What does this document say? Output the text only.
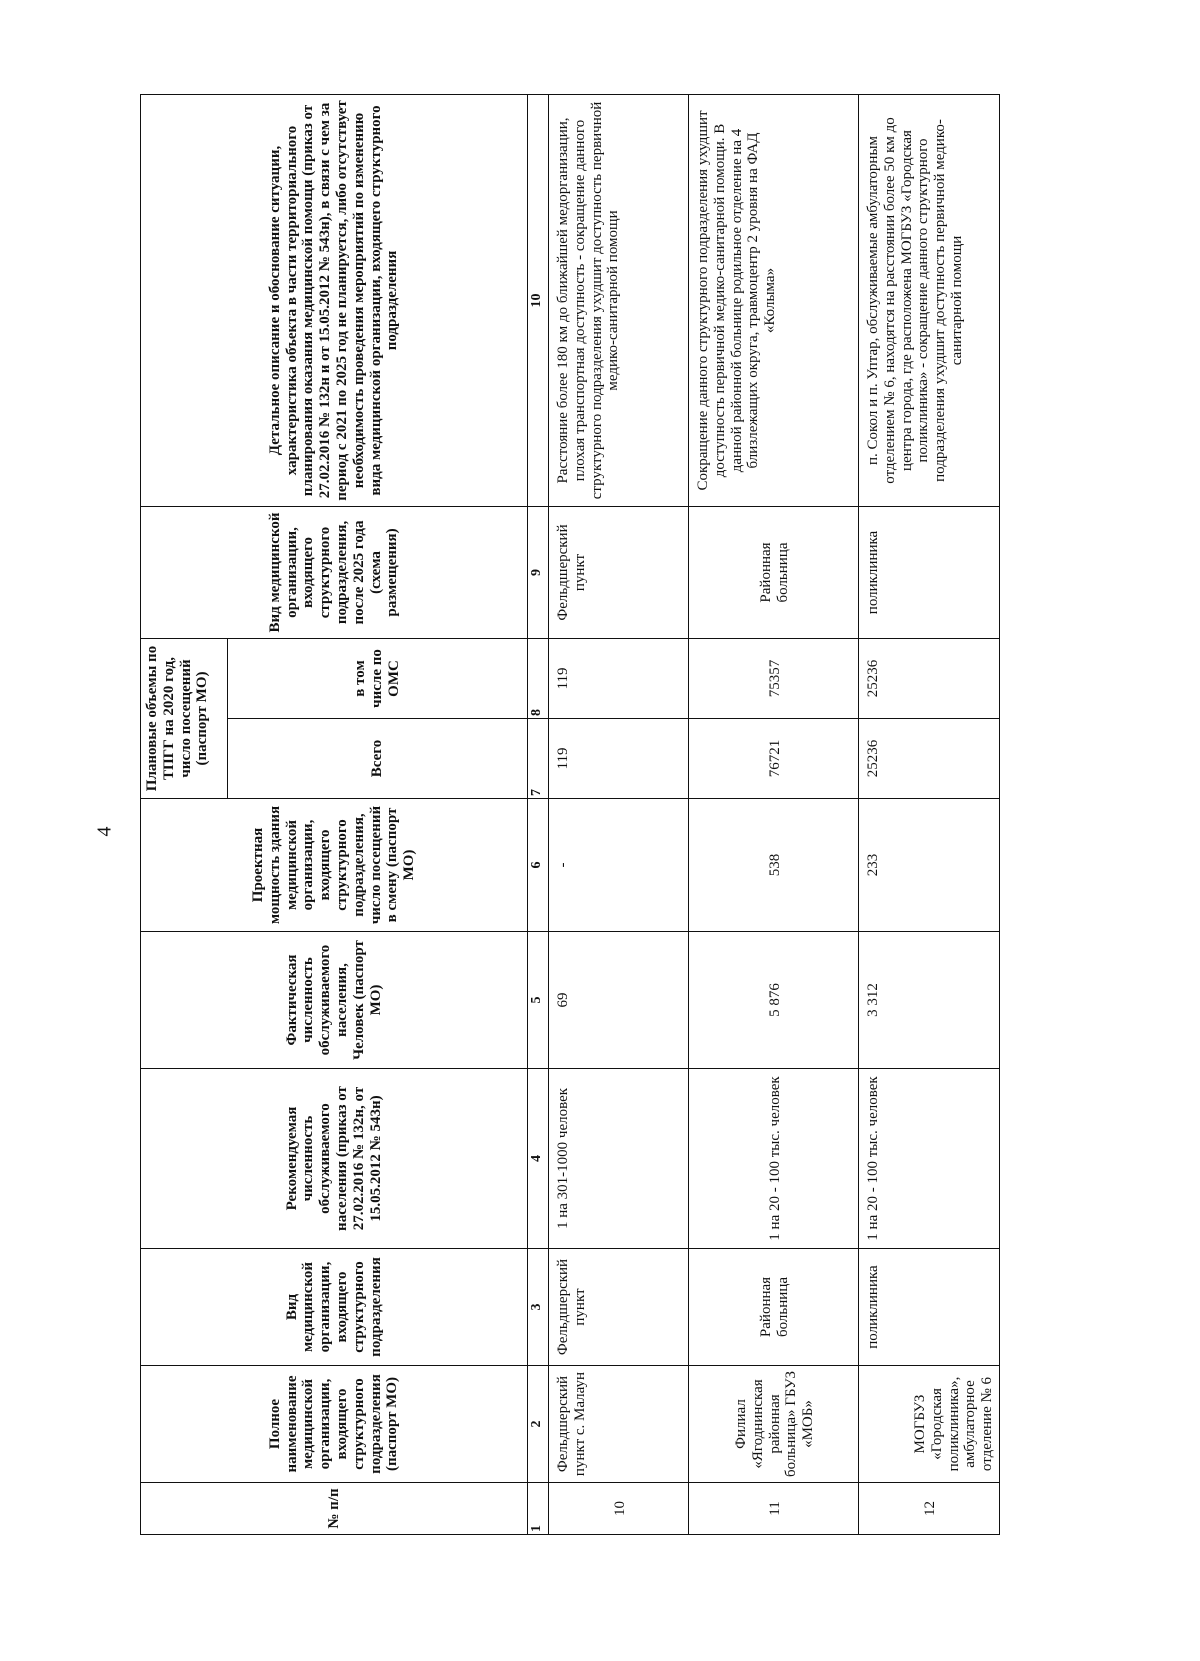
4
№ п/п	Полное наименование медицинской организации, входящего структурного подразделения (паспорт МО)	Вид медицинской организации, входящего структурного подразделения	Рекомендуемая численность обслуживаемого населения (приказ от 27.02.2016 № 132н, от 15.05.2012 № 543н)	Фактическая численность обслуживаемого населения, Человек (паспорт МО)	Проектная мощность здания медицинской организации, входящего структурного подразделения, число посещений в смену (паспорт МО)	Плановые объемы по ТПГГ на 2020 год, число посещений (паспорт МО)		Вид медицинской организации, входящего структурного подразделения, после 2025 года (схема размещения)	Детальное описание и обоснование ситуации, характеристика объекта в части территориального планирования оказания медицинской помощи (приказ от 27.02.2016 № 132н и от 15.05.2012 № 543н), в связи с чем за период с 2021 по 2025 год не планируется, либо отсутствует необходимость проведения мероприятий по изменению вида медицинской организации, входящего структурного подразделения
						Всего	в том числе по ОМС		
1	2	3	4	5	6	7	8	9	10
10	Фельдшерский пункт с. Малаун	Фельдшерский пункт	1 на 301-1000 человек	69	-	119	119	Фельдшерский пункт	Расстояние более 180 км до ближайшей медорганизации, плохая транспортная доступность - сокращение данного структурного подразделения ухудшит доступность первичной медико-санитарной помощи
11	Филиал «Ягоднинская районная больница» ГБУЗ «МОБ»	Районная больница	1 на 20 - 100 тыс. человек	5 876	538	76721	75357	Районная больница	Сокращение данного структурного подразделения ухудшит доступность первичной медико-санитарной помощи. В данной районной больнице родильное отделение на 4 близлежащих округа, травмоцентр 2 уровня на ФАД «Колыма»
12	МОГБУЗ «Городская поликлиника», амбулаторное отделение № 6	поликлиника	1 на 20 - 100 тыс. человек	3 312	233	25236	25236	поликлиника	п. Сокол и п. Уптар, обслуживаемые амбулаторным отделением № 6, находятся на расстоянии более 50 км до центра города, где расположена МОГБУЗ «Городская поликлиника» - сокращение данного структурного подразделения ухудшит доступность первичной медико-санитарной помощи
